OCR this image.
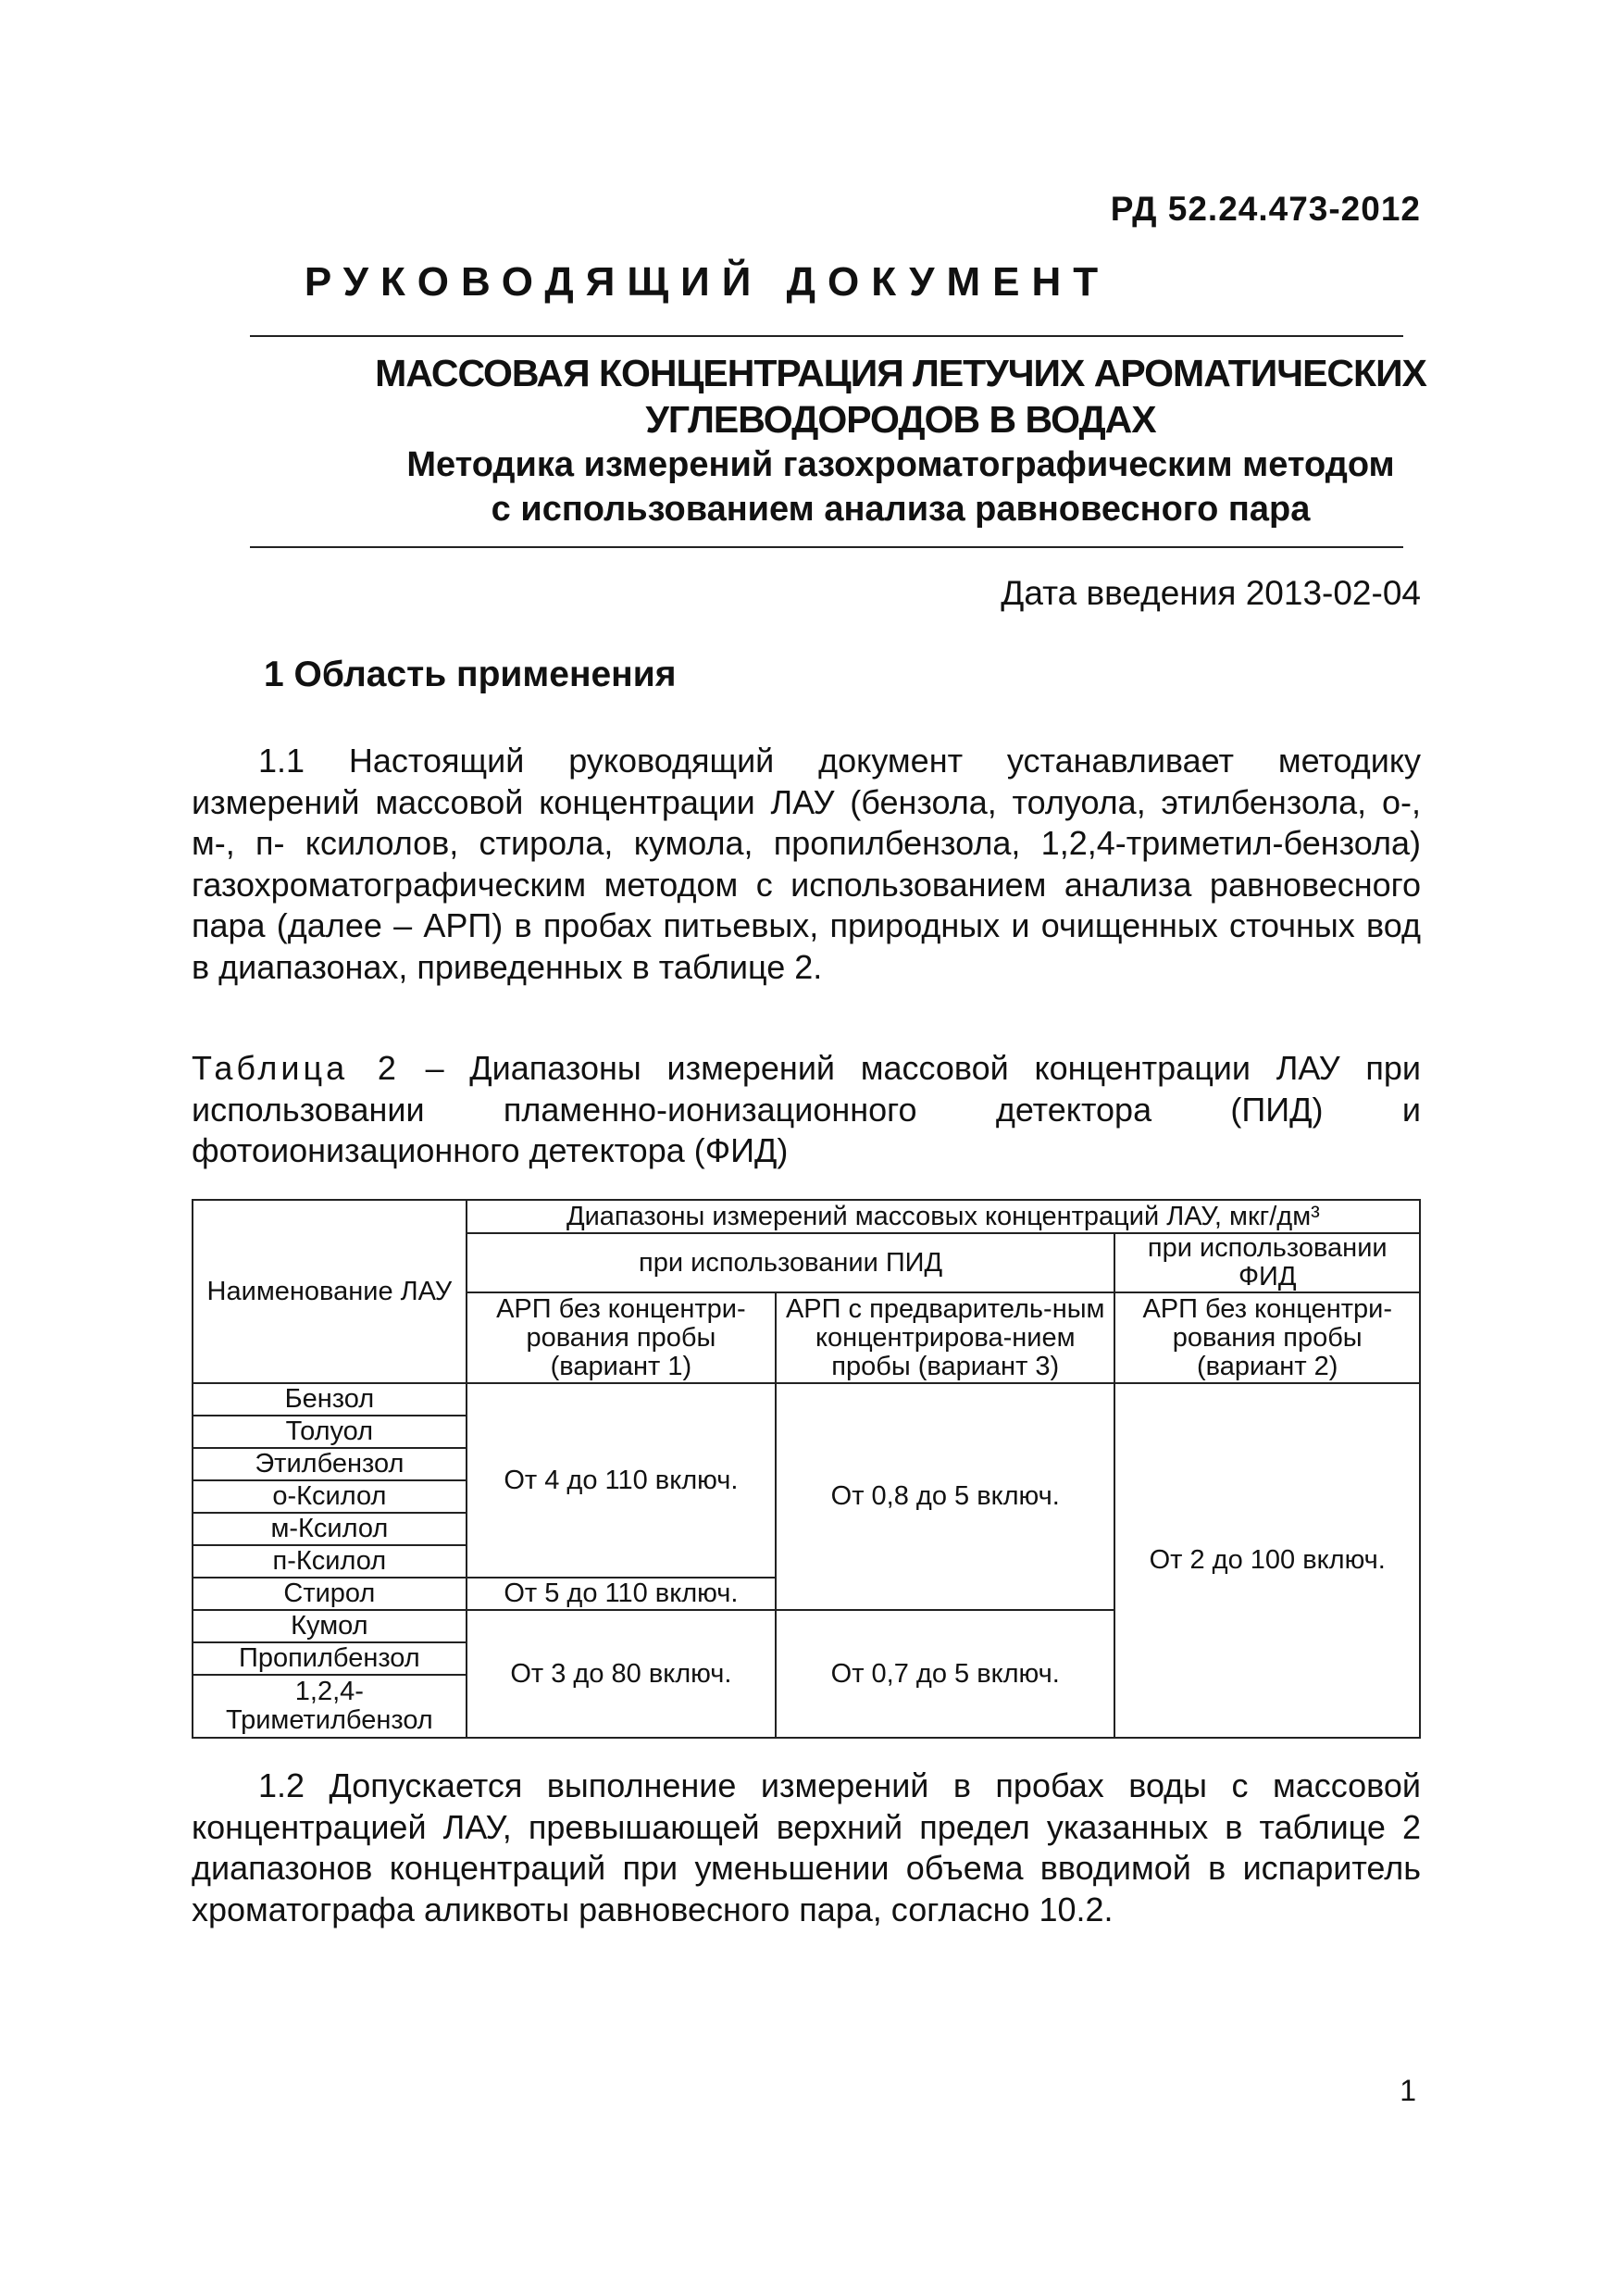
РД 52.24.473-2012
РУКОВОДЯЩИЙ ДОКУМЕНТ
МАССОВАЯ КОНЦЕНТРАЦИЯ ЛЕТУЧИХ АРОМАТИЧЕСКИХ
УГЛЕВОДОРОДОВ В ВОДАХ
Методика измерений газохроматографическим методом
с использованием анализа равновесного пара
Дата введения 2013-02-04
1 Область применения
1.1 Настоящий руководящий документ устанавливает методику измерений массовой концентрации ЛАУ (бензола, толуола, этилбензола, о-, м-, п- ксилолов, стирола, кумола, пропилбензола, 1,2,4-триметил-бензола) газохроматографическим методом с использованием анализа равновесного пара (далее – АРП) в пробах питьевых, природных и очищенных сточных вод в диапазонах, приведенных в таблице 2.
Таблица 2 – Диапазоны измерений массовой концентрации ЛАУ при использовании пламенно-ионизационного детектора (ПИД) и фотоионизационного детектора (ФИД)
Наименование ЛАУ	Диапазоны измерений массовых концентраций ЛАУ, мкг/дм³		
	при использовании ПИД		при использовании ФИД
	АРП без концентри-рования пробы (вариант 1)	АРП с предваритель-ным концентрирова-нием пробы (вариант 3)	АРП без концентри-рования пробы (вариант 2)
Бензол	От 4 до 110 включ.	От 0,8 до 5 включ.	От 2 до 100 включ.
Толуол			
Этилбензол			
о-Ксилол			
м-Ксилол			
п-Ксилол			
Стирол	От 5 до 110 включ.		
Кумол	От 3 до 80 включ.	От 0,7 до 5 включ.	
Пропилбензол			
1,2,4-Триметилбензол			
1.2 Допускается выполнение измерений в пробах воды с массовой концентрацией ЛАУ, превышающей верхний предел указанных в таблице 2 диапазонов концентраций при уменьшении объема вводимой в испаритель хроматографа аликвоты равновесного пара, согласно 10.2.
1
